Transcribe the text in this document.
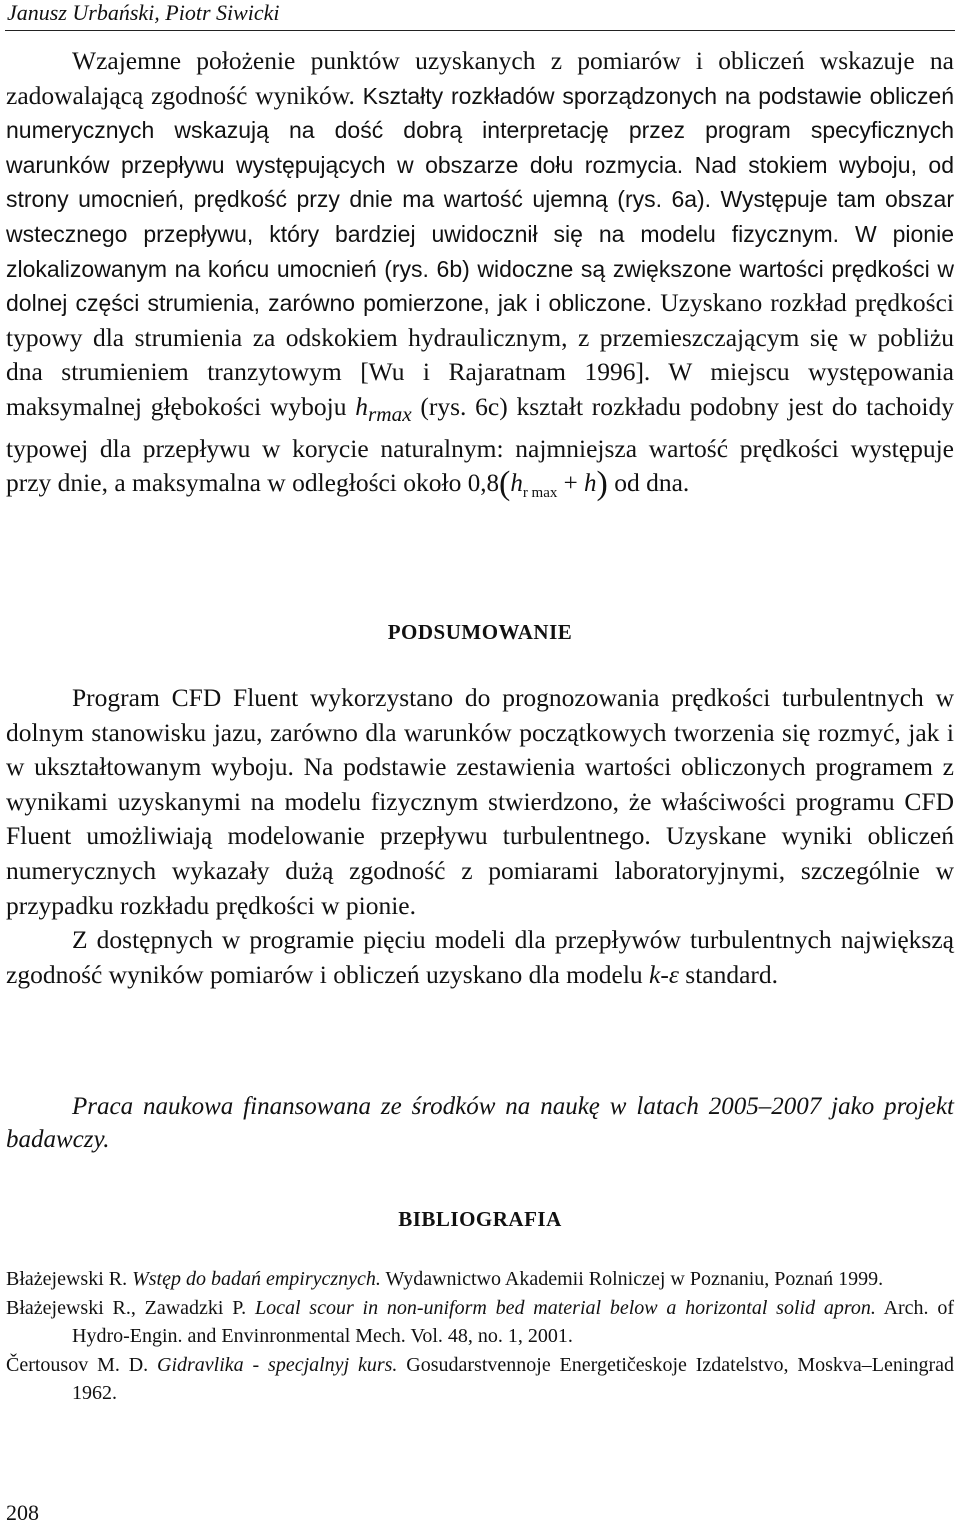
Janusz Urbański, Piotr Siwicki

Wzajemne położenie punktów uzyskanych z pomiarów i obliczeń wskazuje na zadowalającą zgodność wyników. Kształty rozkładów sporządzonych na podstawie obliczeń numerycznych wskazują na dość dobrą interpretację przez program specyficznych warunków przepływu występujących w obszarze dołu rozmycia. Nad stokiem wyboju, od strony umocnień, prędkość przy dnie ma wartość ujemną (rys. 6a). Występuje tam obszar wstecznego przepływu, który bardziej uwidocznił się na modelu fizycznym. W pionie zlokalizowanym na końcu umocnień (rys. 6b) widoczne są zwiększone wartości prędkości w dolnej części strumienia, zarówno pomierzone, jak i obliczone. Uzyskano rozkład prędkości typowy dla strumienia za odskokiem hydraulicznym, z przemieszczającym się w pobliżu dna strumieniem tranzytowym [Wu i Rajaratnam 1996]. W miejscu występowania maksymalnej głębokości wyboju $h_{rmax}$ (rys. 6c) kształt rozkładu podobny jest do tachoidy typowej dla przepływu w korycie naturalnym: najmniejsza wartość prędkości występuje przy dnie, a maksymalna w odległości około $0,8(h_{r max} + h)$ od dna.

PODSUMOWANIE

Program CFD Fluent wykorzystano do prognozowania prędkości turbulentnych w dolnym stanowisku jazu, zarówno dla warunków początkowych tworzenia się rozmyć, jak i w ukształtowanym wyboju. Na podstawie zestawienia wartości obliczonych programem z wynikami uzyskanymi na modelu fizycznym stwierdzono, że właściwości programu CFD Fluent umożliwiają modelowanie przepływu turbulentnego. Uzyskane wyniki obliczeń numerycznych wykazały dużą zgodność z pomiarami laboratoryjnymi, szczególnie w przypadku rozkładu prędkości w pionie.

Z dostępnych w programie pięciu modeli dla przepływów turbulentnych największą zgodność wyników pomiarów i obliczeń uzyskano dla modelu k-ε standard.

Praca naukowa finansowana ze środków na naukę w latach 2005–2007 jako projekt badawczy.
BIBLIOGRAFIA
Błażejewski R. Wstęp do badań empirycznych. Wydawnictwo Akademii Rolniczej w Poznaniu, Poznań 1999.
Błażejewski R., Zawadzki P. Local scour in non-uniform bed material below a horizontal solid apron. Arch. of Hydro-Engin. and Envinronmental Mech. Vol. 48, no. 1, 2001.
Čertousov M. D. Gidravlika - specjalnyj kurs. Gosudarstvennoje Energetičeskoje Izdatelstvo, Moskva–Leningrad 1962.
208
